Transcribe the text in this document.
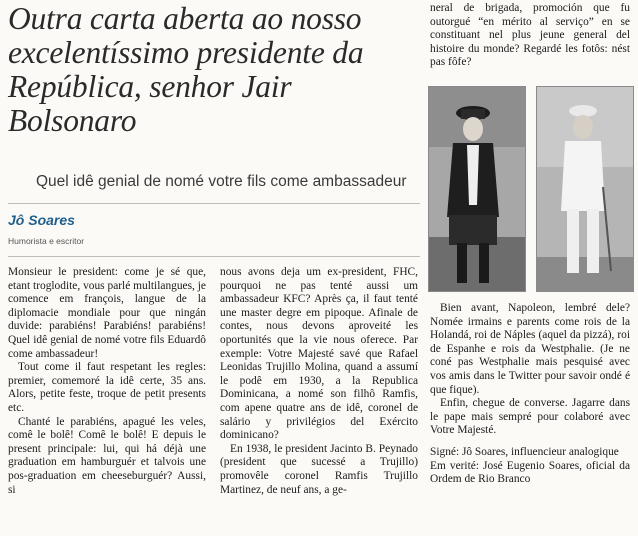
Outra carta aberta ao nosso excelentíssimo presidente da República, senhor Jair Bolsonaro
Quel idê genial de nomé votre fils come ambassadeur
Jô Soares
Humorista e escritor

Monsieur le president: come je sé que, etant troglodite, vous parlé multilangues, je comence em françois, langue de la diplomacie mondiale pour que ningán duvide: parabiéns! Parabiéns! parabiéns! Quel idê genial de nomé votre fils Eduardô come ambassadeur!

Tout come il faut respetant les regles: premier, comemoré la idê certe, 35 ans. Alors, petite feste, troque de petit presents etc.

Chanté le parabiéns, apagué les veles, comê le bolê! Comê le bolê! E depuis le present principale: lui, qui há déjà une graduation em hamburguér et talvois une pos-graduation em cheeseburguér? Aussi, si

nous avons deja um ex-president, FHC, pourquoi ne pas tenté aussi um ambassadeur KFC? Après ça, il faut tenté une master degre em pipoque. Afinale de contes, nous devons aproveité les oportunités que la vie nous oferece. Par exemple: Votre Majesté savé que Rafael Leonidas Trujillo Molina, quand a assumí le podê em 1930, a la Republica Dominicana, a nomé son filhô Ramfis, com apene quatre ans de idê, coronel de salário y privilégios del Exército dominicano?

En 1938, le president Jacinto B. Peynado (president que sucessé a Trujillo) promovêle coronel Ramfis Trujillo Martinez, de neuf ans, a ge-

neral de brigada, promoción que fu outorgué “en mérito al serviço” en se constituant nel plus jeune general del histoire du monde? Regardé les fotôs: nést pas fôfe?

Bien avant, Napoleon, lembré dele? Nomée irmains e parents come rois de la Holandá, roi de Náples (aquel da pizzá), roi de Espanhe e rois da Westphalie. (Je ne coné pas Westphalie mais pesquisé avec vos amis dans le Twitter pour savoir ondé é que fique).

Enfin, chegue de converse. Jagarre dans le pape mais sempré pour colaboré avec Votre Majesté.

Signé: Jô Soares, influencieur analogique

Em verité: José Eugenio Soares, oficial da Ordem de Rio Branco
